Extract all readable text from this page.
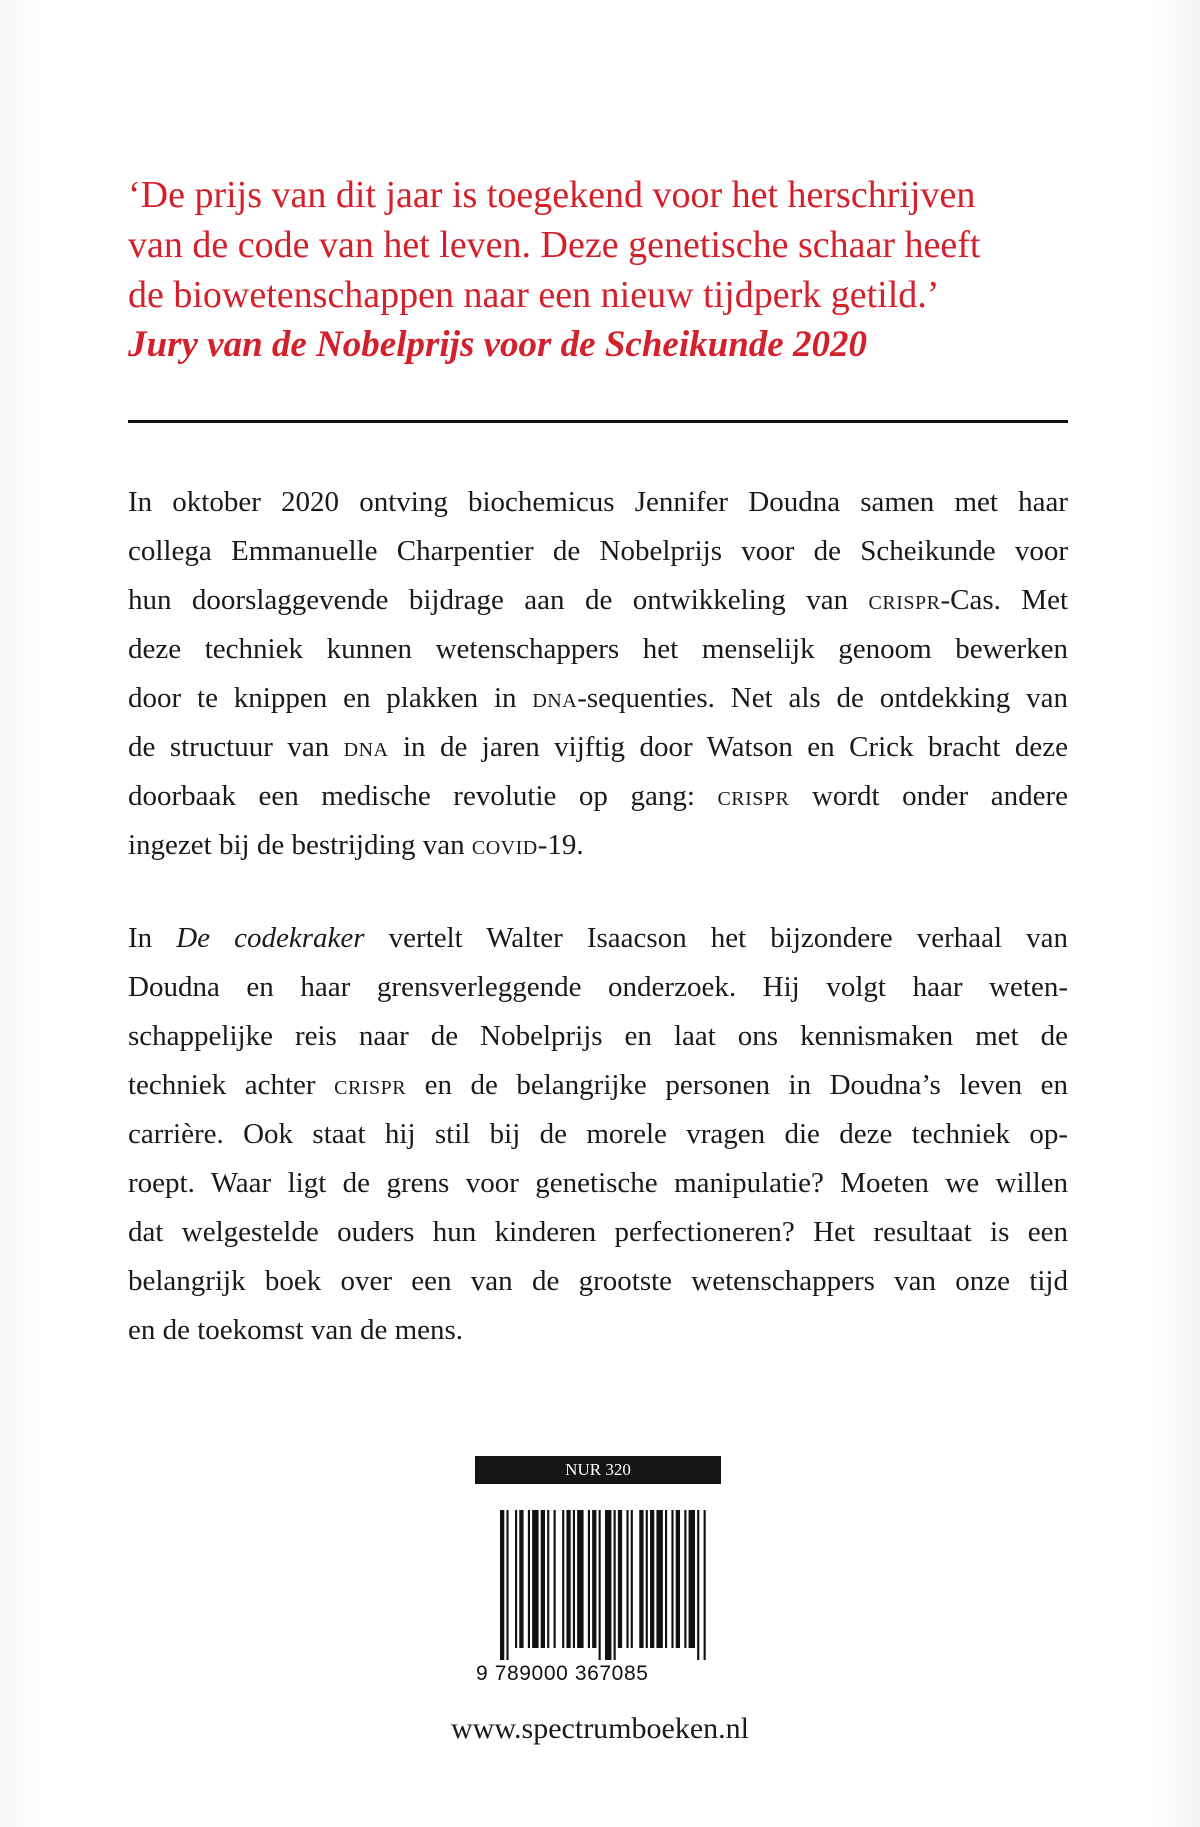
‘De prijs van dit jaar is toegekend voor het herschrijven
van de code van het leven. Deze genetische schaar heeft
de biowetenschappen naar een nieuw tijdperk getild.’
Jury van de Nobelprijs voor de Scheikunde 2020
In oktober 2020 ontving biochemicus Jennifer Doudna samen met haar
collega Emmanuelle Charpentier de Nobelprijs voor de Scheikunde voor
hun doorslaggevende bijdrage aan de ontwikkeling van crispr-Cas. Met
deze techniek kunnen wetenschappers het menselijk genoom bewerken
door te knippen en plakken in dna-sequenties. Net als de ontdekking van
de structuur van dna in de jaren vijftig door Watson en Crick bracht deze
doorbaak een medische revolutie op gang: crispr wordt onder andere
ingezet bij de bestrijding van covid-19.
In De codekraker vertelt Walter Isaacson het bijzondere verhaal van
Doudna en haar grensverleggende onderzoek. Hij volgt haar weten-
schappelijke reis naar de Nobelprijs en laat ons kennismaken met de
techniek achter crispr en de belangrijke personen in Doudna’s leven en
carrière. Ook staat hij stil bij de morele vragen die deze techniek op-
roept. Waar ligt de grens voor genetische manipulatie? Moeten we willen
dat welgestelde ouders hun kinderen perfectioneren? Het resultaat is een
belangrijk boek over een van de grootste wetenschappers van onze tijd
en de toekomst van de mens.
NUR 320
9 789000 367085
www.spectrumboeken.nl
